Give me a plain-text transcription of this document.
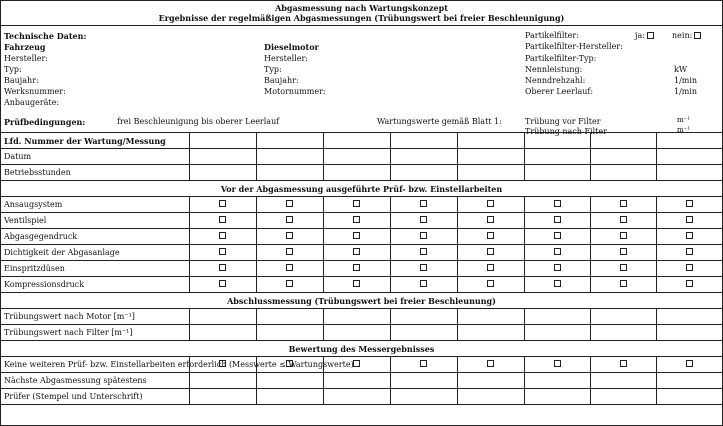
Abgasmessung nach Wartungskonzept
Ergebnisse der regelmäßigen Abgasmessungen (Trübungswert bei freier Beschleunigung)
Technische Daten:
Fahrzeug
Hersteller:
Typ:
Baujahr:
Werksnummer:
Anbaugeräte:
Dieselmotor
Hersteller:
Typ:
Baujahr:
Motornummer:
Partikelfilter:	ja:	nein:
Partikelfilter-Hersteller:
Partikelfilter-Typ:
Nennleistung:	kW
Nenndrehzahl:	1/min
Oberer Leerlauf:	1/min
Prüfbedingungen:	frei Beschleunigung bis oberer Leerlauf	Wartungswerte gemäß Blatt 1:	Trübung vor Filter	m⁻¹
Trübung nach Filter	m⁻¹
Lfd. Nummer der Wartung/Messung								
Datum								
Betriebsstunden								
Vor der Abgasmessung ausgeführte Prüf- bzw. Einstellarbeiten								
Ansaugsystem								
Ventilspiel								
Abgasgegendruck								
Dichtigkeit der Abgasanlage								
Einspritzdüsen								
Kompressionsdruck								
Abschlussmessung (Trübungswert bei freier Beschleunung)								
Trübungswert nach Motor [m⁻¹]								
Trübungswert nach Filter [m⁻¹]								
Bewertung des Messergebnisses								
Keine weiteren Prüf- bzw. Einstellarbeiten erforderlich (Messwerte ≤ Wartungswerte)								
Nächste Abgasmessung spätestens								
Prüfer (Stempel und Unterschrift)								
